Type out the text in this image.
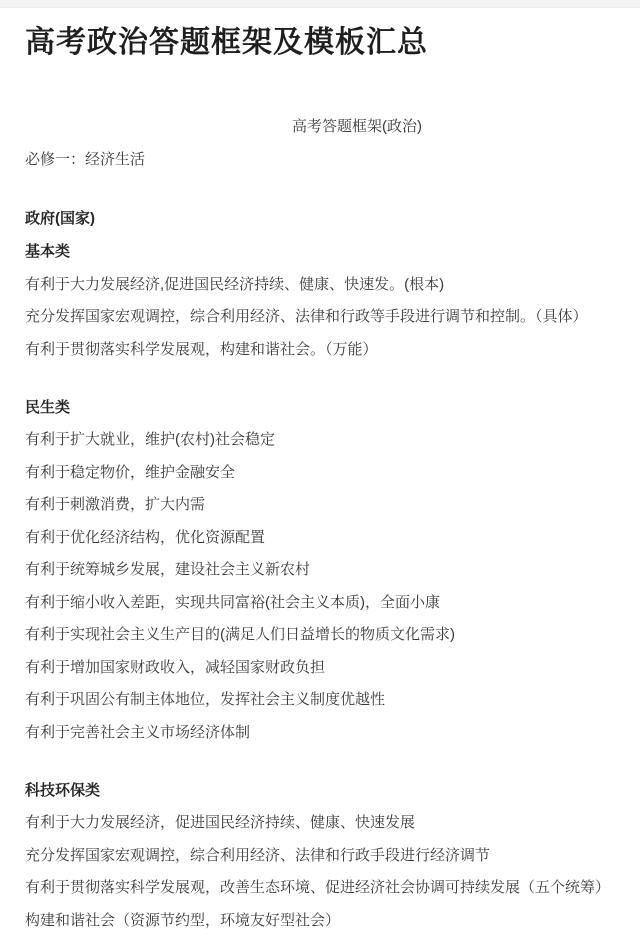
高考政治答题框架及模板汇总

高考答题框架(政治)

必修一：经济生活

政府(国家)

基本类

有利于大力发展经济,促进国民经济持续、健康、快速发。(根本)

充分发挥国家宏观调控，综合利用经济、法律和行政等手段进行调节和控制。（具体）

有利于贯彻落实科学发展观，构建和谐社会。（万能）

民生类

有利于扩大就业，维护(农村)社会稳定

有利于稳定物价，维护金融安全

有利于刺激消费，扩大内需

有利于优化经济结构，优化资源配置

有利于统筹城乡发展，建设社会主义新农村

有利于缩小收入差距，实现共同富裕(社会主义本质)，全面小康

有利于实现社会主义生产目的(满足人们日益增长的物质文化需求)

有利于增加国家财政收入，减轻国家财政负担

有利于巩固公有制主体地位，发挥社会主义制度优越性

有利于完善社会主义市场经济体制

科技环保类

有利于大力发展经济，促进国民经济持续、健康、快速发展

充分发挥国家宏观调控，综合利用经济、法律和行政手段进行经济调节

有利于贯彻落实科学发展观，改善生态环境、促进经济社会协调可持续发展（五个统筹）

构建和谐社会（资源节约型，环境友好型社会）
